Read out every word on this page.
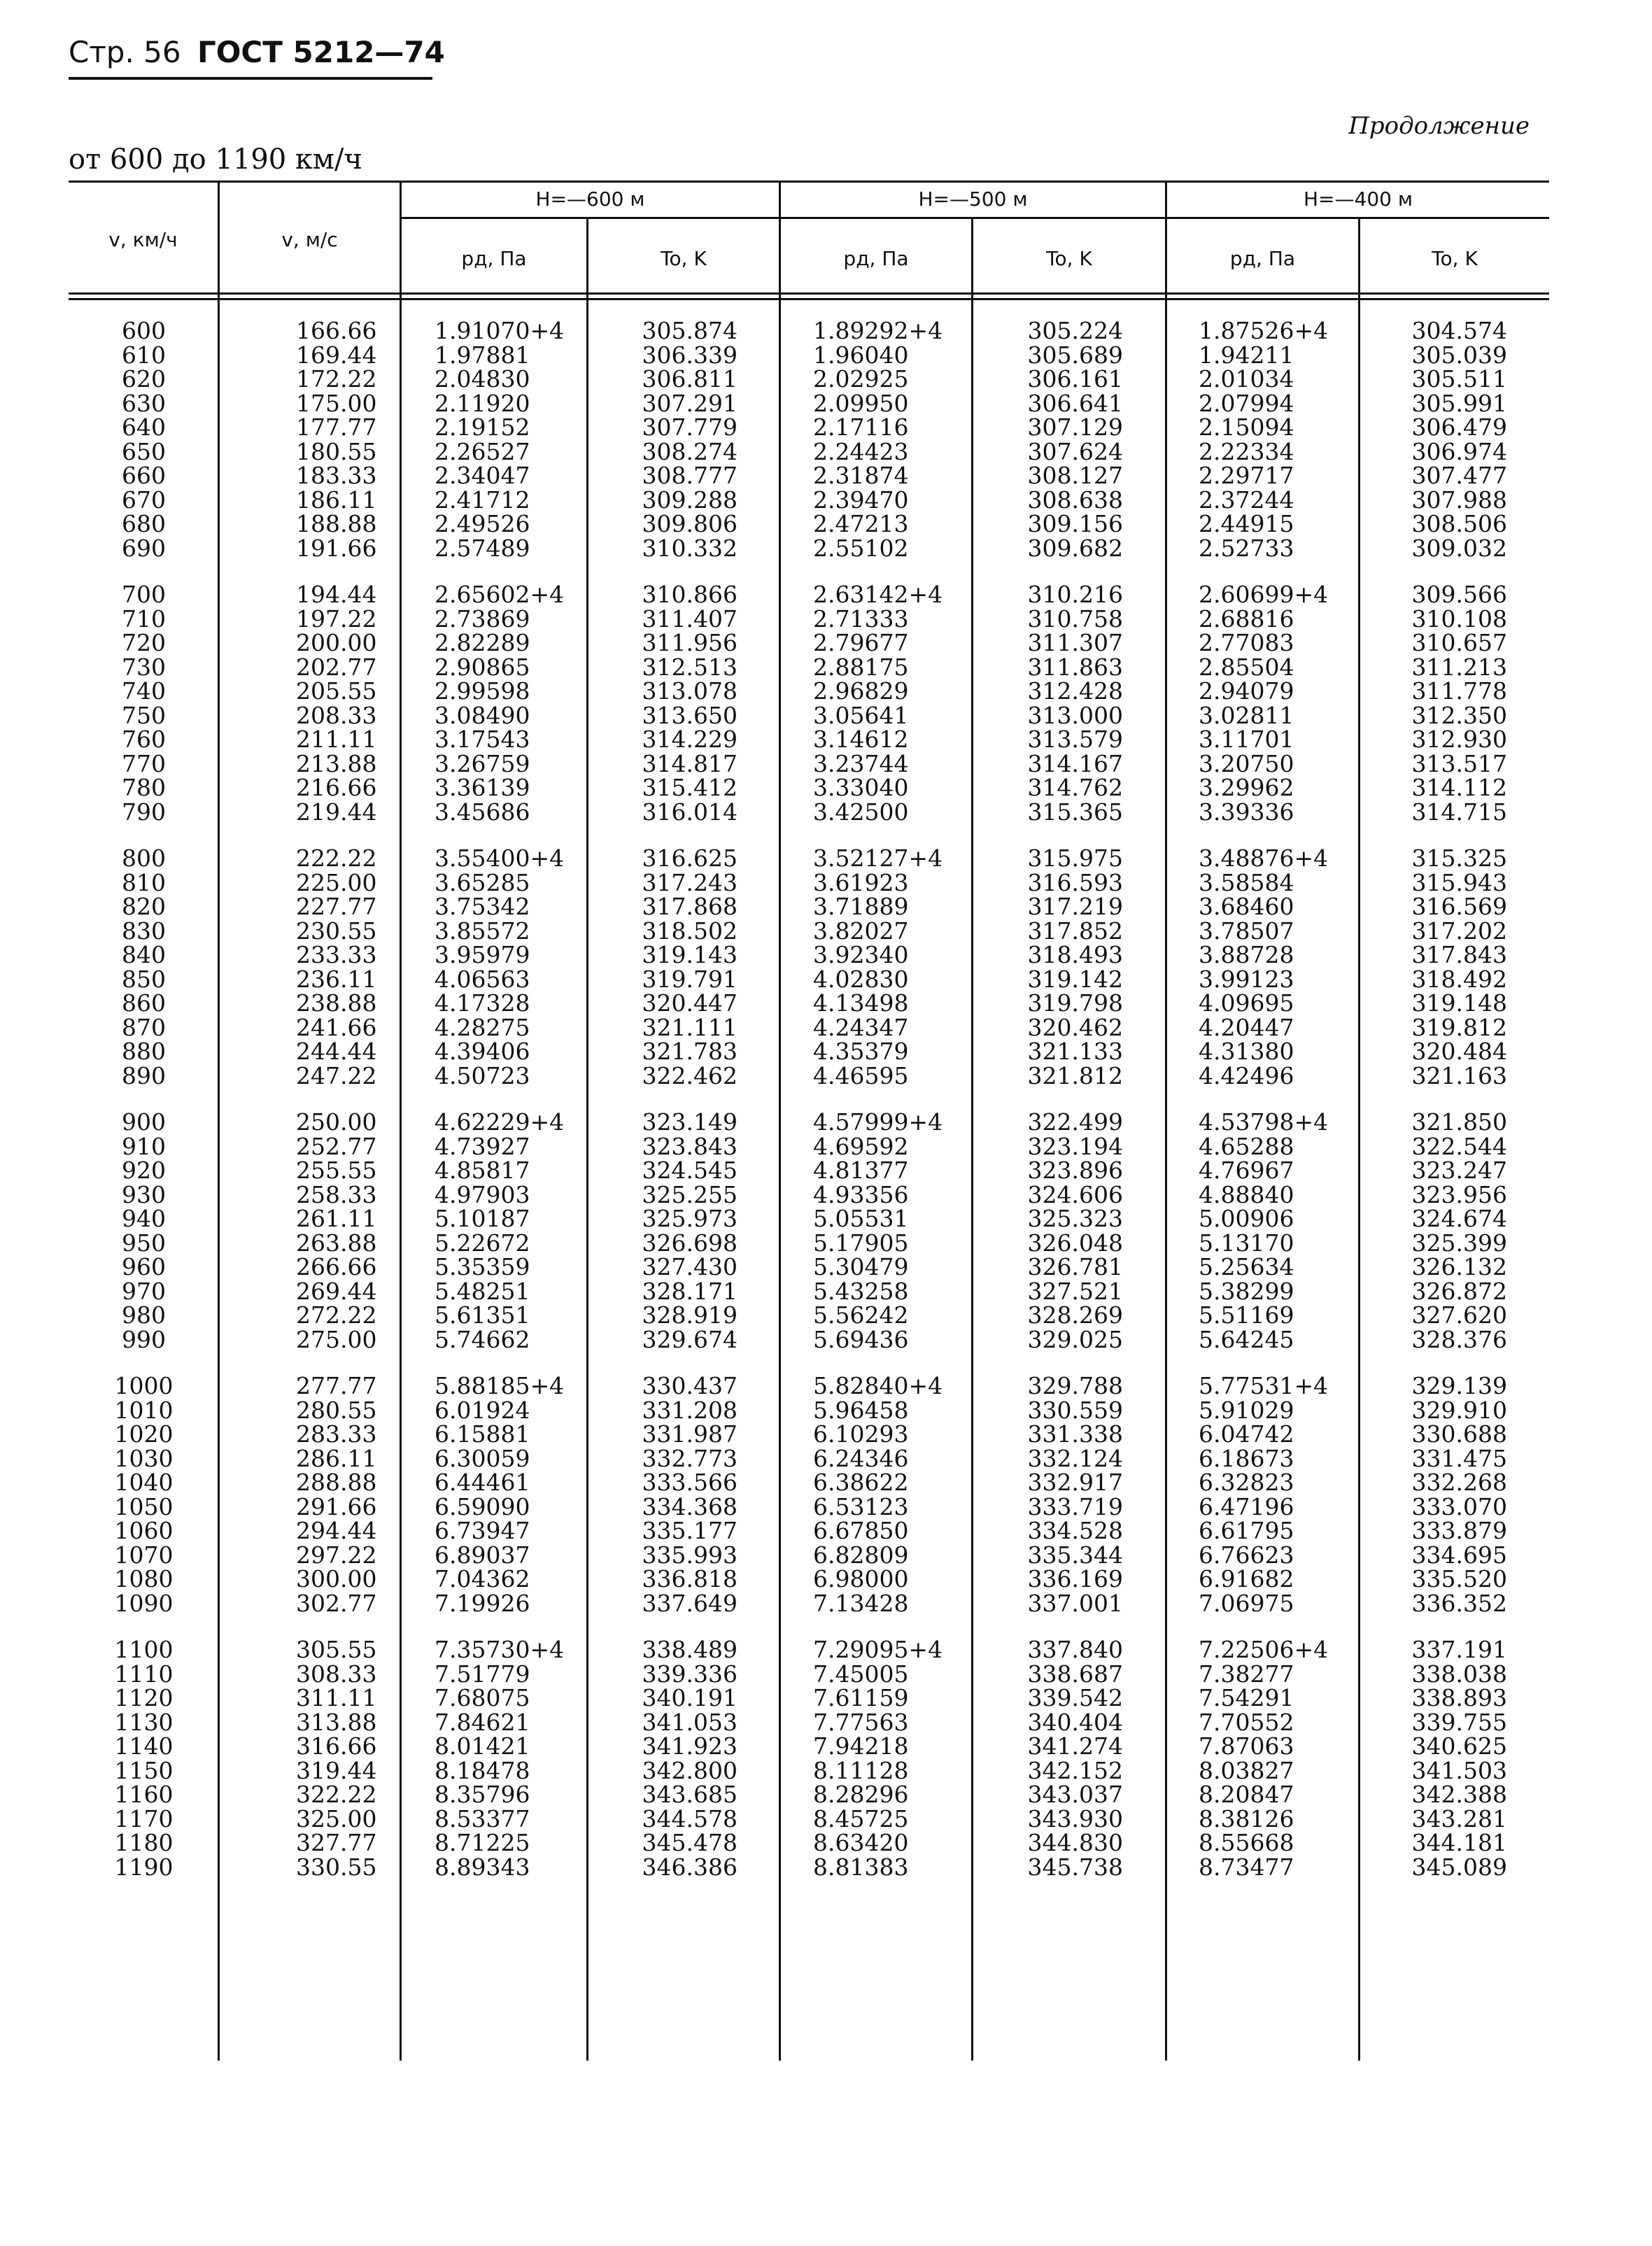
Стр. 56 ГОСТ 5212—74
Продолжение
от 600 до 1190 км/ч
v, км/ч	v, м/с
H=—600 м	H=—500 м	H=—400 м
pд, Па	To, K	pд, Па	To, K	pд, Па	To, K
600	166.66	1.91070+4	305.874	1.89292+4	305.224	1.87526+4	304.574
610	169.44	1.97881	306.339	1.96040	305.689	1.94211	305.039
620	172.22	2.04830	306.811	2.02925	306.161	2.01034	305.511
630	175.00	2.11920	307.291	2.09950	306.641	2.07994	305.991
640	177.77	2.19152	307.779	2.17116	307.129	2.15094	306.479
650	180.55	2.26527	308.274	2.24423	307.624	2.22334	306.974
660	183.33	2.34047	308.777	2.31874	308.127	2.29717	307.477
670	186.11	2.41712	309.288	2.39470	308.638	2.37244	307.988
680	188.88	2.49526	309.806	2.47213	309.156	2.44915	308.506
690	191.66	2.57489	310.332	2.55102	309.682	2.52733	309.032
700	194.44	2.65602+4	310.866	2.63142+4	310.216	2.60699+4	309.566
710	197.22	2.73869	311.407	2.71333	310.758	2.68816	310.108
720	200.00	2.82289	311.956	2.79677	311.307	2.77083	310.657
730	202.77	2.90865	312.513	2.88175	311.863	2.85504	311.213
740	205.55	2.99598	313.078	2.96829	312.428	2.94079	311.778
750	208.33	3.08490	313.650	3.05641	313.000	3.02811	312.350
760	211.11	3.17543	314.229	3.14612	313.579	3.11701	312.930
770	213.88	3.26759	314.817	3.23744	314.167	3.20750	313.517
780	216.66	3.36139	315.412	3.33040	314.762	3.29962	314.112
790	219.44	3.45686	316.014	3.42500	315.365	3.39336	314.715
800	222.22	3.55400+4	316.625	3.52127+4	315.975	3.48876+4	315.325
810	225.00	3.65285	317.243	3.61923	316.593	3.58584	315.943
820	227.77	3.75342	317.868	3.71889	317.219	3.68460	316.569
830	230.55	3.85572	318.502	3.82027	317.852	3.78507	317.202
840	233.33	3.95979	319.143	3.92340	318.493	3.88728	317.843
850	236.11	4.06563	319.791	4.02830	319.142	3.99123	318.492
860	238.88	4.17328	320.447	4.13498	319.798	4.09695	319.148
870	241.66	4.28275	321.111	4.24347	320.462	4.20447	319.812
880	244.44	4.39406	321.783	4.35379	321.133	4.31380	320.484
890	247.22	4.50723	322.462	4.46595	321.812	4.42496	321.163
900	250.00	4.62229+4	323.149	4.57999+4	322.499	4.53798+4	321.850
910	252.77	4.73927	323.843	4.69592	323.194	4.65288	322.544
920	255.55	4.85817	324.545	4.81377	323.896	4.76967	323.247
930	258.33	4.97903	325.255	4.93356	324.606	4.88840	323.956
940	261.11	5.10187	325.973	5.05531	325.323	5.00906	324.674
950	263.88	5.22672	326.698	5.17905	326.048	5.13170	325.399
960	266.66	5.35359	327.430	5.30479	326.781	5.25634	326.132
970	269.44	5.48251	328.171	5.43258	327.521	5.38299	326.872
980	272.22	5.61351	328.919	5.56242	328.269	5.51169	327.620
990	275.00	5.74662	329.674	5.69436	329.025	5.64245	328.376
1000	277.77	5.88185+4	330.437	5.82840+4	329.788	5.77531+4	329.139
1010	280.55	6.01924	331.208	5.96458	330.559	5.91029	329.910
1020	283.33	6.15881	331.987	6.10293	331.338	6.04742	330.688
1030	286.11	6.30059	332.773	6.24346	332.124	6.18673	331.475
1040	288.88	6.44461	333.566	6.38622	332.917	6.32823	332.268
1050	291.66	6.59090	334.368	6.53123	333.719	6.47196	333.070
1060	294.44	6.73947	335.177	6.67850	334.528	6.61795	333.879
1070	297.22	6.89037	335.993	6.82809	335.344	6.76623	334.695
1080	300.00	7.04362	336.818	6.98000	336.169	6.91682	335.520
1090	302.77	7.19926	337.649	7.13428	337.001	7.06975	336.352
1100	305.55	7.35730+4	338.489	7.29095+4	337.840	7.22506+4	337.191
1110	308.33	7.51779	339.336	7.45005	338.687	7.38277	338.038
1120	311.11	7.68075	340.191	7.61159	339.542	7.54291	338.893
1130	313.88	7.84621	341.053	7.77563	340.404	7.70552	339.755
1140	316.66	8.01421	341.923	7.94218	341.274	7.87063	340.625
1150	319.44	8.18478	342.800	8.11128	342.152	8.03827	341.503
1160	322.22	8.35796	343.685	8.28296	343.037	8.20847	342.388
1170	325.00	8.53377	344.578	8.45725	343.930	8.38126	343.281
1180	327.77	8.71225	345.478	8.63420	344.830	8.55668	344.181
1190	330.55	8.89343	346.386	8.81383	345.738	8.73477	345.089
